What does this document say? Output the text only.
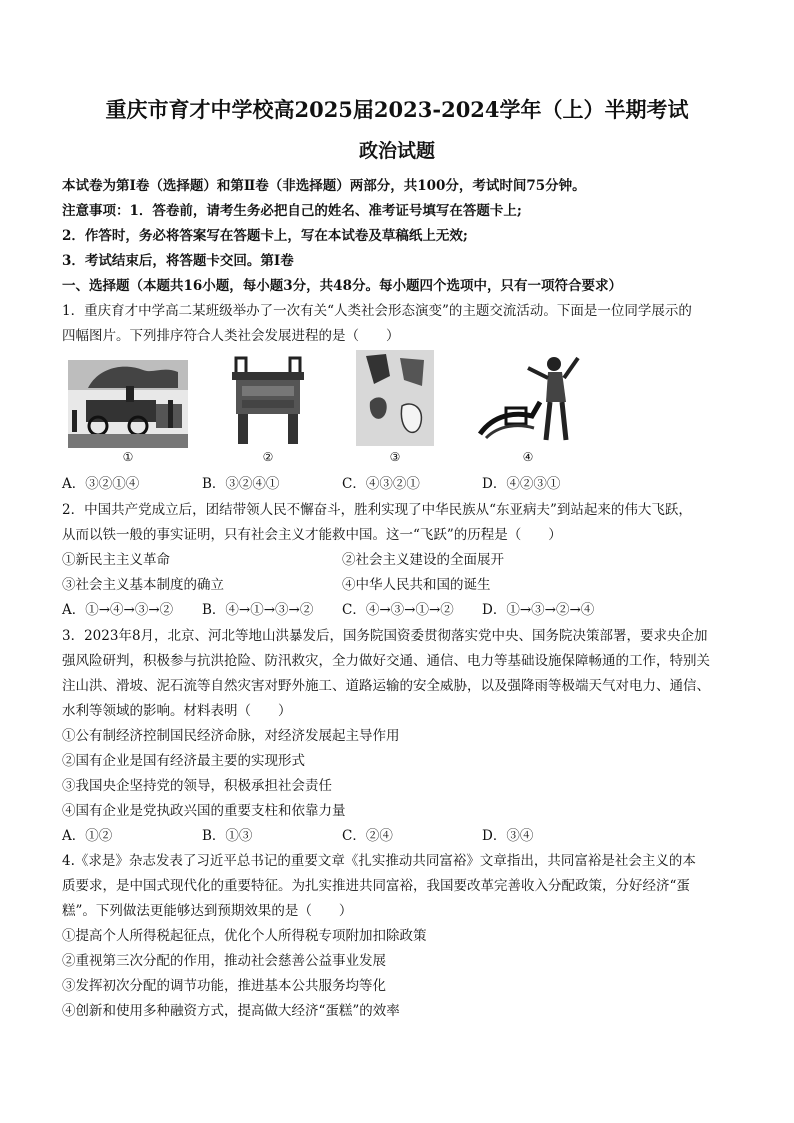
重庆市育才中学校高2025届2023-2024学年（上）半期考试
政治试题
本试卷为第Ⅰ卷（选择题）和第Ⅱ卷（非选择题）两部分，共100分，考试时间75分钟。
注意事项：1．答卷前，请考生务必把自己的姓名、准考证号填写在答题卡上;
2．作答时，务必将答案写在答题卡上，写在本试卷及草稿纸上无效;
3．考试结束后，将答题卡交回。第Ⅰ卷
一、选择题（本题共16小题，每小题3分，共48分。每小题四个选项中，只有一项符合要求）
1．重庆育才中学高二某班级举办了一次有关“人类社会形态演变”的主题交流活动。下面是一位同学展示的
四幅图片。下列排序符合人类社会发展进程的是（　　）
①	②	③	④
A．③②①④	B．③②④①	C．④③②①	D．④②③①
2．中国共产党成立后，团结带领人民不懈奋斗，胜利实现了中华民族从“东亚病夫”到站起来的伟大飞跃，
从而以铁一般的事实证明，只有社会主义才能救中国。这一“飞跃”的历程是（　　）
①新民主主义革命	②社会主义建设的全面展开
③社会主义基本制度的确立	④中华人民共和国的诞生
A．①→④→③→② B．④→①→③→② C．④→③→①→② D．①→③→②→④
3．2023年8月，北京、河北等地山洪暴发后，国务院国资委贯彻落实党中央、国务院决策部署，要求央企加
强风险研判，积极参与抗洪抢险、防汛救灾，全力做好交通、通信、电力等基础设施保障畅通的工作，特别关
注山洪、滑坡、泥石流等自然灾害对野外施工、道路运输的安全威胁，以及强降雨等极端天气对电力、通信、
水利等领域的影响。材料表明（　　）
①公有制经济控制国民经济命脉，对经济发展起主导作用
②国有企业是国有经济最主要的实现形式
③我国央企坚持党的领导，积极承担社会责任
④国有企业是党执政兴国的重要支柱和依靠力量
A．①②	B．①③	C．②④	D．③④
4.《求是》杂志发表了习近平总书记的重要文章《扎实推动共同富裕》文章指出，共同富裕是社会主义的本
质要求，是中国式现代化的重要特征。为扎实推进共同富裕，我国要改革完善收入分配政策，分好经济“蛋
糕”。下列做法更能够达到预期效果的是（　　）
①提高个人所得税起征点，优化个人所得税专项附加扣除政策
②重视第三次分配的作用，推动社会慈善公益事业发展
③发挥初次分配的调节功能，推进基本公共服务均等化
④创新和使用多种融资方式，提高做大经济“蛋糕”的效率
